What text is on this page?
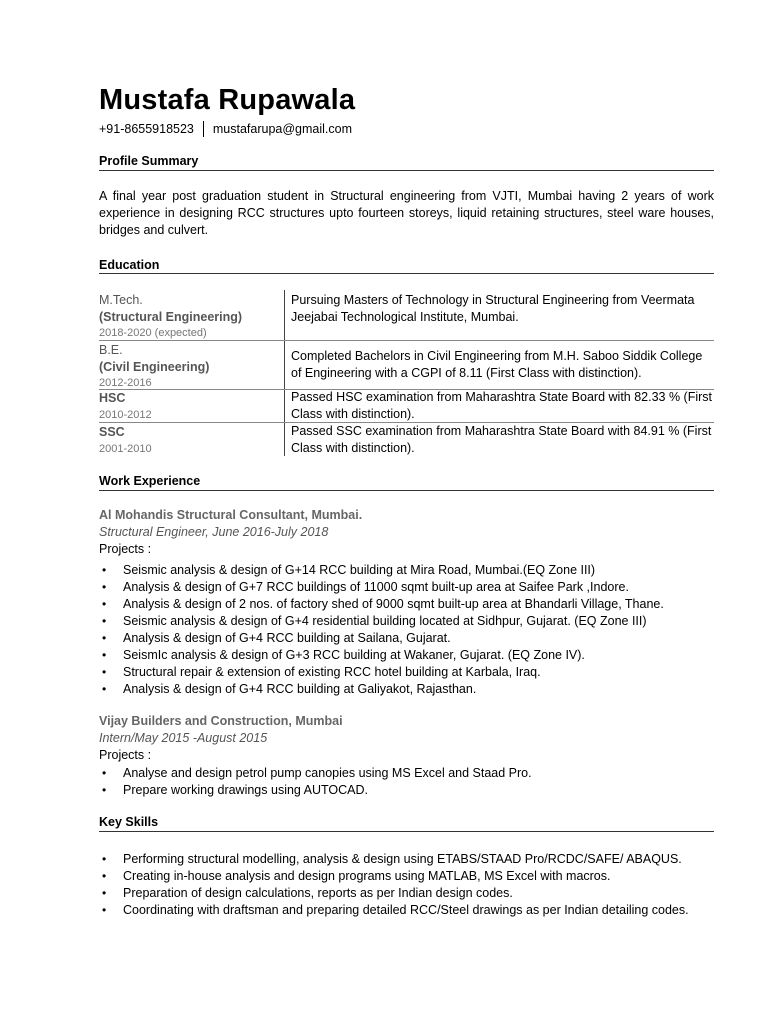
Mustafa Rupawala
+91-8655918523 mustafarupa@gmail.com
Profile Summary
A final year post graduation student in Structural engineering from VJTI, Mumbai having 2 years of work experience in designing RCC structures upto fourteen storeys, liquid retaining structures, steel ware houses, bridges and culvert.
Education
M.Tech.
(Structural Engineering)
2018-2020 (expected)
Pursuing Masters of Technology in Structural Engineering from Veermata Jeejabai Technological Institute, Mumbai.
B.E.
(Civil Engineering)
2012-2016
Completed Bachelors in Civil Engineering from M.H. Saboo Siddik College of Engineering with a CGPI of 8.11 (First Class with distinction).
HSC
2010-2012
Passed HSC examination from Maharashtra State Board with 82.33 % (First Class with distinction).
SSC
2001-2010
Passed SSC examination from Maharashtra State Board with 84.91 % (First Class with distinction).
Work Experience
Al Mohandis Structural Consultant, Mumbai.
Structural Engineer, June 2016-July 2018
Projects :
• Seismic analysis & design of G+14 RCC building at Mira Road, Mumbai.(EQ Zone III)
• Analysis & design of G+7 RCC buildings of 11000 sqmt built-up area at Saifee Park ,Indore.
• Analysis & design of 2 nos. of factory shed of 9000 sqmt built-up area at Bhandarli Village, Thane.
• Seismic analysis & design of G+4 residential building located at Sidhpur, Gujarat. (EQ Zone III)
• Analysis & design of G+4 RCC building at Sailana, Gujarat.
• SeismIc analysis & design of G+3 RCC building at Wakaner, Gujarat. (EQ Zone IV).
• Structural repair & extension of existing RCC hotel building at Karbala, Iraq.
• Analysis & design of G+4 RCC building at Galiyakot, Rajasthan.
Vijay Builders and Construction, Mumbai
Intern/May 2015 -August 2015
Projects :
• Analyse and design petrol pump canopies using MS Excel and Staad Pro.
• Prepare working drawings using AUTOCAD.
Key Skills
• Performing structural modelling, analysis & design using ETABS/STAAD Pro/RCDC/SAFE/ ABAQUS.
• Creating in-house analysis and design programs using MATLAB, MS Excel with macros.
• Preparation of design calculations, reports as per Indian design codes.
• Coordinating with draftsman and preparing detailed RCC/Steel drawings as per Indian detailing codes.
